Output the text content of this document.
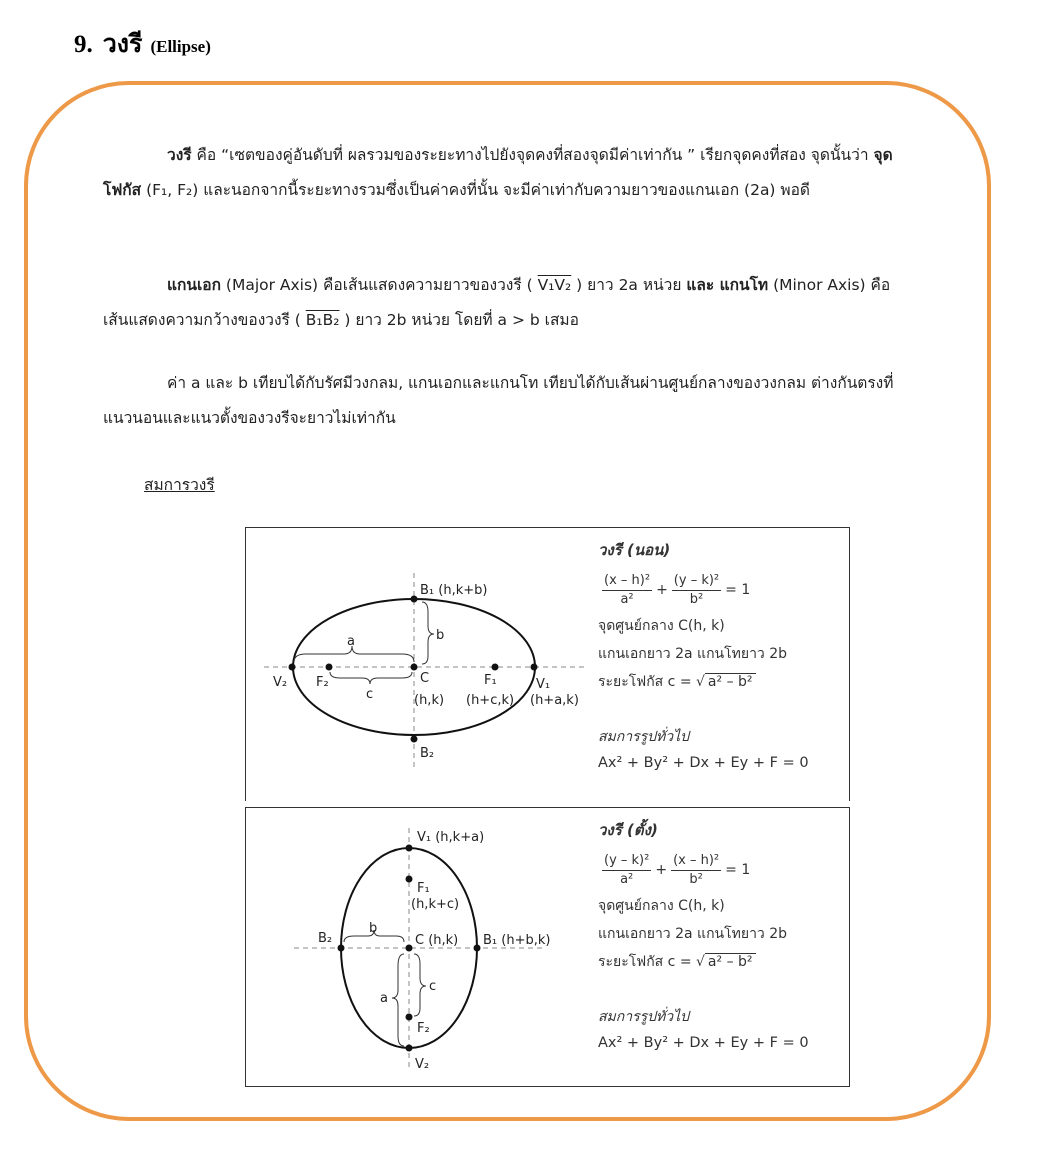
9. วงรี (Ellipse)
วงรี คือ “เซตของคู่อันดับที่ ผลรวมของระยะทางไปยังจุดคงที่สองจุดมีค่าเท่ากัน ” เรียกจุดคงที่สอง จุดนั้นว่า จุดโฟกัส (F₁, F₂) และนอกจากนี้ระยะทางรวมซึ่งเป็นค่าคงที่นั้น จะมีค่าเท่ากับความยาวของแกนเอก (2a) พอดี
แกนเอก (Major Axis) คือเส้นแสดงความยาวของวงรี ( V₁V₂ ) ยาว 2a หน่วย และ แกนโท (Minor Axis) คือเส้นแสดงความกว้างของวงรี ( B₁B₂ ) ยาว 2b หน่วย โดยที่ a > b เสมอ
ค่า a และ b เทียบได้กับรัศมีวงกลม, แกนเอกและแกนโท เทียบได้กับเส้นผ่านศูนย์กลางของวงกลม ต่างกันตรงที่แนวนอนและแนวตั้งของวงรีจะยาวไม่เท่ากัน
สมการวงรี
B₁ (h,k+b)
b
a
V₂ F₂	C	F₁	V₁
c	(h,k) (h+c,k) (h+a,k)
B₂
วงรี (นอน)
$\frac{\text{(x – h)²}}{\text{a²}} + \frac{\text{(y – k)²}}{\text{b²}} = 1$
จุดศูนย์กลาง C(h, k)
แกนเอกยาว 2a แกนโทยาว 2b
ระยะโฟกัส c = √ a² – b²
สมการรูปทั่วไป
Ax² + By² + Dx + Ey + F = 0
V₁ (h,k+a)
F₁
(h,k+c)
b
B₂	C (h,k) B₁ (h+b,k)
c
a
F₂
V₂
วงรี (ตั้ง)
$\frac{\text{(y – k)²}}{\text{a²}} + \frac{\text{(x – h)²}}{\text{b²}} = 1$
จุดศูนย์กลาง C(h, k)
แกนเอกยาว 2a แกนโทยาว 2b
ระยะโฟกัส c = √ a² – b²
สมการรูปทั่วไป
Ax² + By² + Dx + Ey + F = 0
